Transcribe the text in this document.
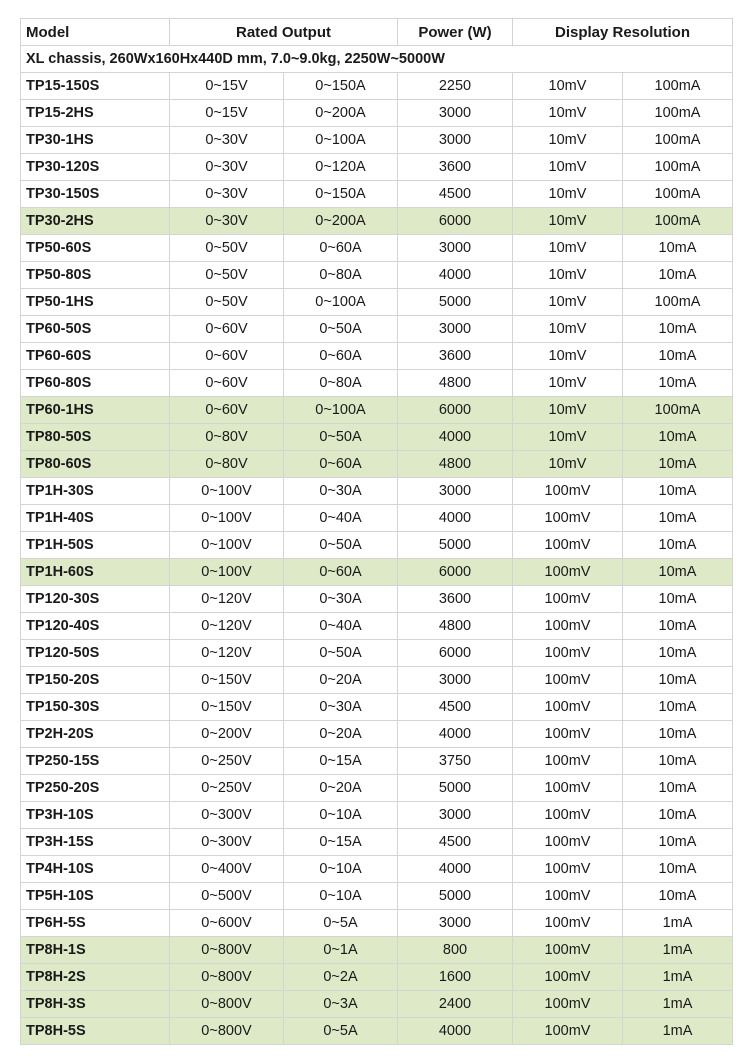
Model	Rated Output		Power (W)	Display Resolution	
XL chassis, 260Wx160Hx440D mm, 7.0~9.0kg, 2250W~5000W					
TP15-150S	0~15V	0~150A	2250	10mV	100mA
TP15-2HS	0~15V	0~200A	3000	10mV	100mA
TP30-1HS	0~30V	0~100A	3000	10mV	100mA
TP30-120S	0~30V	0~120A	3600	10mV	100mA
TP30-150S	0~30V	0~150A	4500	10mV	100mA
TP30-2HS	0~30V	0~200A	6000	10mV	100mA
TP50-60S	0~50V	0~60A	3000	10mV	10mA
TP50-80S	0~50V	0~80A	4000	10mV	10mA
TP50-1HS	0~50V	0~100A	5000	10mV	100mA
TP60-50S	0~60V	0~50A	3000	10mV	10mA
TP60-60S	0~60V	0~60A	3600	10mV	10mA
TP60-80S	0~60V	0~80A	4800	10mV	10mA
TP60-1HS	0~60V	0~100A	6000	10mV	100mA
TP80-50S	0~80V	0~50A	4000	10mV	10mA
TP80-60S	0~80V	0~60A	4800	10mV	10mA
TP1H-30S	0~100V	0~30A	3000	100mV	10mA
TP1H-40S	0~100V	0~40A	4000	100mV	10mA
TP1H-50S	0~100V	0~50A	5000	100mV	10mA
TP1H-60S	0~100V	0~60A	6000	100mV	10mA
TP120-30S	0~120V	0~30A	3600	100mV	10mA
TP120-40S	0~120V	0~40A	4800	100mV	10mA
TP120-50S	0~120V	0~50A	6000	100mV	10mA
TP150-20S	0~150V	0~20A	3000	100mV	10mA
TP150-30S	0~150V	0~30A	4500	100mV	10mA
TP2H-20S	0~200V	0~20A	4000	100mV	10mA
TP250-15S	0~250V	0~15A	3750	100mV	10mA
TP250-20S	0~250V	0~20A	5000	100mV	10mA
TP3H-10S	0~300V	0~10A	3000	100mV	10mA
TP3H-15S	0~300V	0~15A	4500	100mV	10mA
TP4H-10S	0~400V	0~10A	4000	100mV	10mA
TP5H-10S	0~500V	0~10A	5000	100mV	10mA
TP6H-5S	0~600V	0~5A	3000	100mV	1mA
TP8H-1S	0~800V	0~1A	800	100mV	1mA
TP8H-2S	0~800V	0~2A	1600	100mV	1mA
TP8H-3S	0~800V	0~3A	2400	100mV	1mA
TP8H-5S	0~800V	0~5A	4000	100mV	1mA
